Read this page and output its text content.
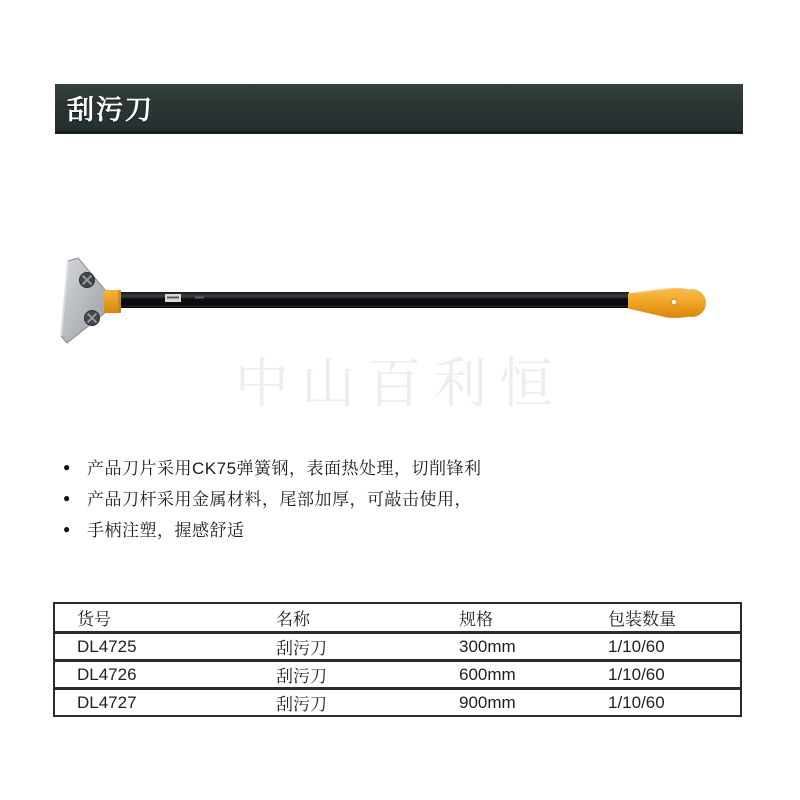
刮污刀
中山百利恒
● 产品刀片采用CK75弹簧钢，表面热处理，切削锋利
● 产品刀杆采用金属材料，尾部加厚，可敲击使用，
● 手柄注塑，握感舒适
货号	名称	规格	包装数量
DL4725	刮污刀	300mm	1/10/60
DL4726	刮污刀	600mm	1/10/60
DL4727	刮污刀	900mm	1/10/60
